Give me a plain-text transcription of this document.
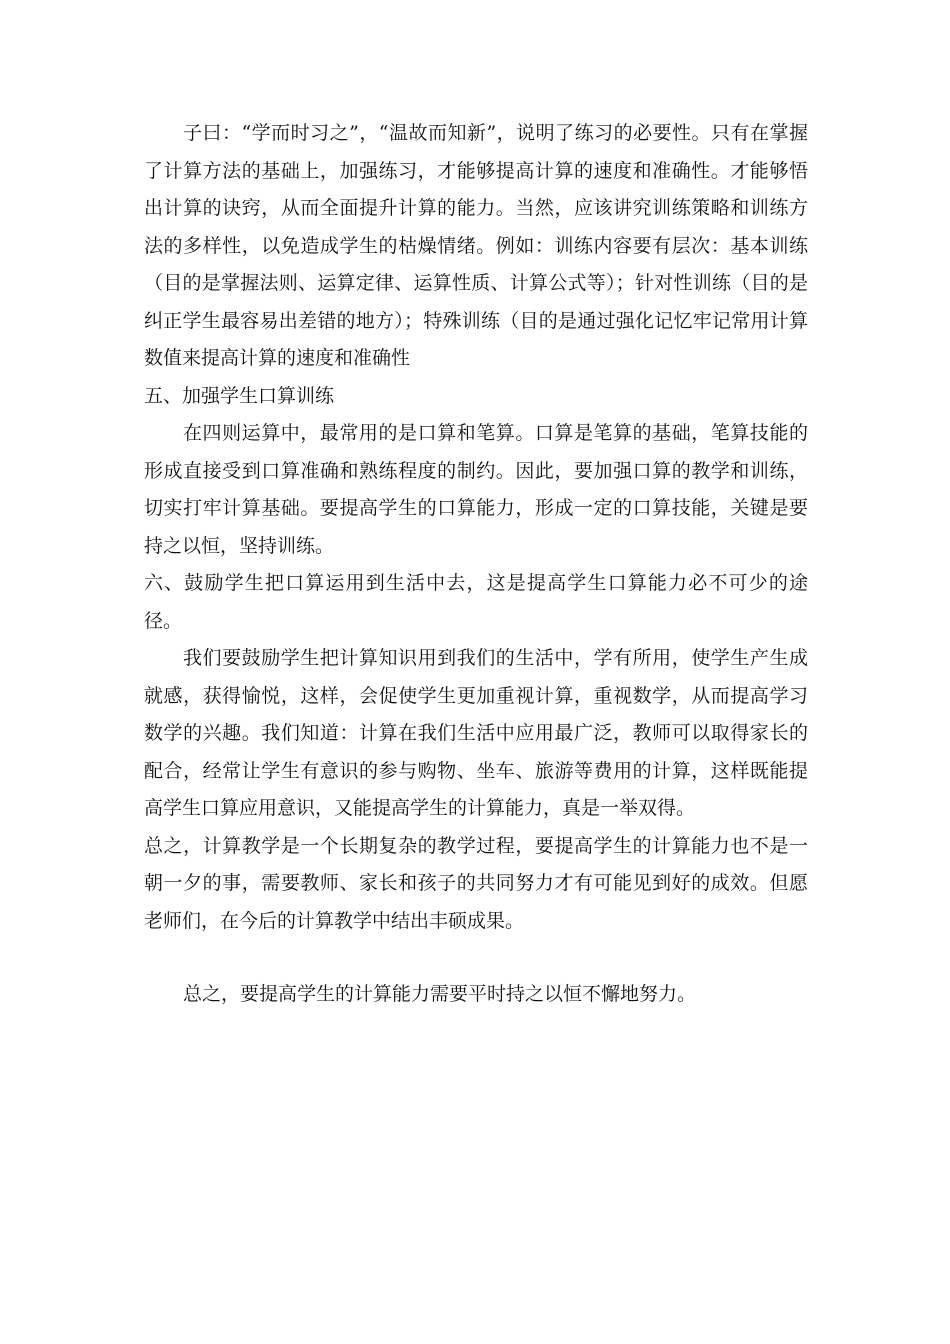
子曰：“学而时习之”，“温故而知新”，说明了练习的必要性。只有在掌握了计算方法的基础上，加强练习，才能够提高计算的速度和准确性。才能够悟出计算的诀窍，从而全面提升计算的能力。当然，应该讲究训练策略和训练方法的多样性，以免造成学生的枯燥情绪。例如：训练内容要有层次：基本训练（目的是掌握法则、运算定律、运算性质、计算公式等）；针对性训练（目的是纠正学生最容易出差错的地方）；特殊训练（目的是通过强化记忆牢记常用计算数值来提高计算的速度和准确性

五、加强学生口算训练

在四则运算中，最常用的是口算和笔算。口算是笔算的基础，笔算技能的形成直接受到口算准确和熟练程度的制约。因此，要加强口算的教学和训练，切实打牢计算基础。要提高学生的口算能力，形成一定的口算技能，关键是要持之以恒，坚持训练。

六、鼓励学生把口算运用到生活中去，这是提高学生口算能力必不可少的途径。

我们要鼓励学生把计算知识用到我们的生活中，学有所用，使学生产生成就感，获得愉悦，这样，会促使学生更加重视计算，重视数学，从而提高学习数学的兴趣。我们知道：计算在我们生活中应用最广泛，教师可以取得家长的配合，经常让学生有意识的参与购物、坐车、旅游等费用的计算，这样既能提高学生口算应用意识，又能提高学生的计算能力，真是一举双得。

总之，计算教学是一个长期复杂的教学过程，要提高学生的计算能力也不是一朝一夕的事，需要教师、家长和孩子的共同努力才有可能见到好的成效。但愿老师们，在今后的计算教学中结出丰硕成果。

总之，要提高学生的计算能力需要平时持之以恒不懈地努力。
